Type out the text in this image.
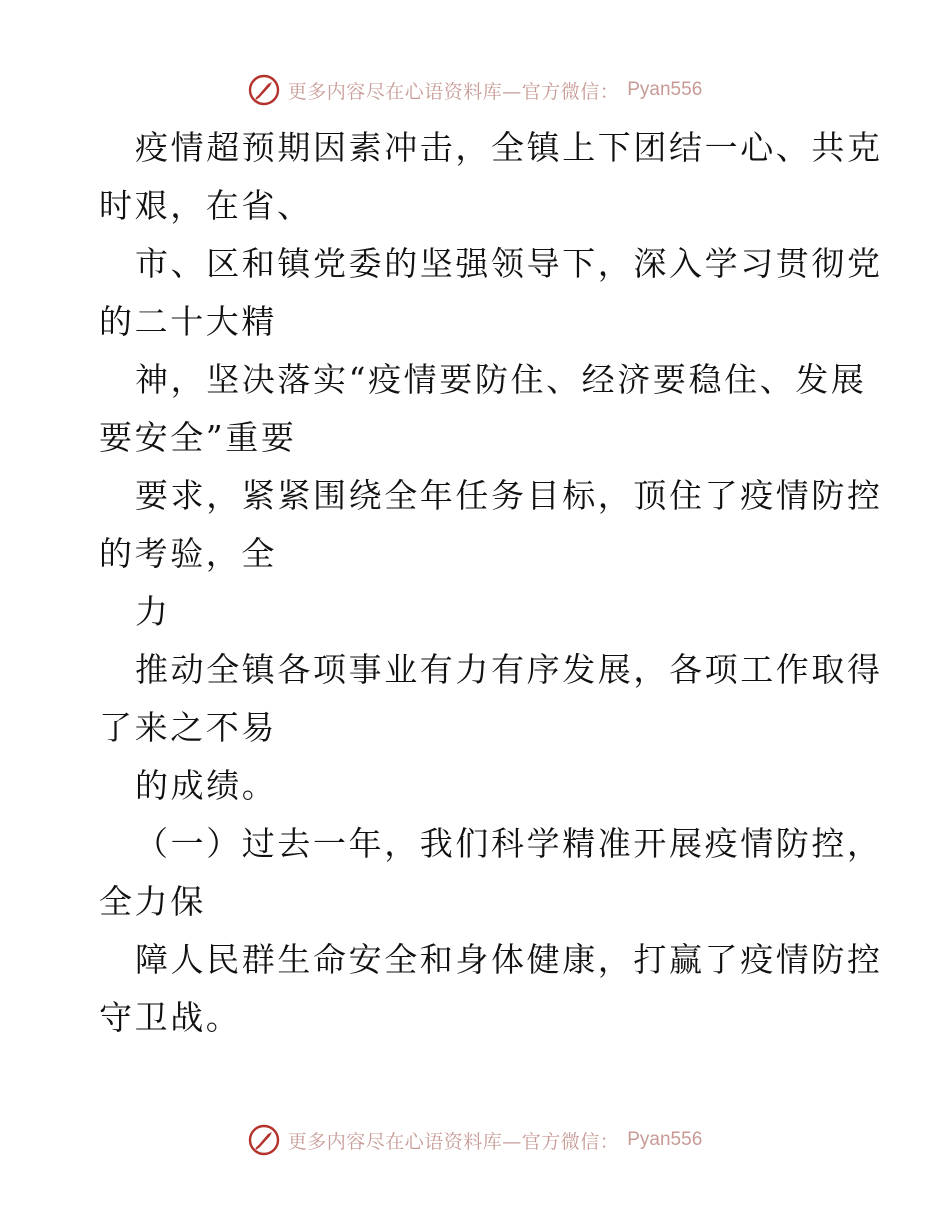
更多内容尽在心语资料库—官方微信： Pyan556
疫情超预期因素冲击，全镇上下团结一心、共克
时艰，在省、
市、区和镇党委的坚强领导下，深入学习贯彻党
的二十大精
神，坚决落实“疫情要防住、经济要稳住、发展
要安全”重要
要求，紧紧围绕全年任务目标，顶住了疫情防控
的考验，全
力
推动全镇各项事业有力有序发展，各项工作取得
了来之不易
的成绩。
（一）过去一年，我们科学精准开展疫情防控，
全力保
障人民群生命安全和身体健康，打赢了疫情防控
守卫战。
更多内容尽在心语资料库—官方微信： Pyan556
